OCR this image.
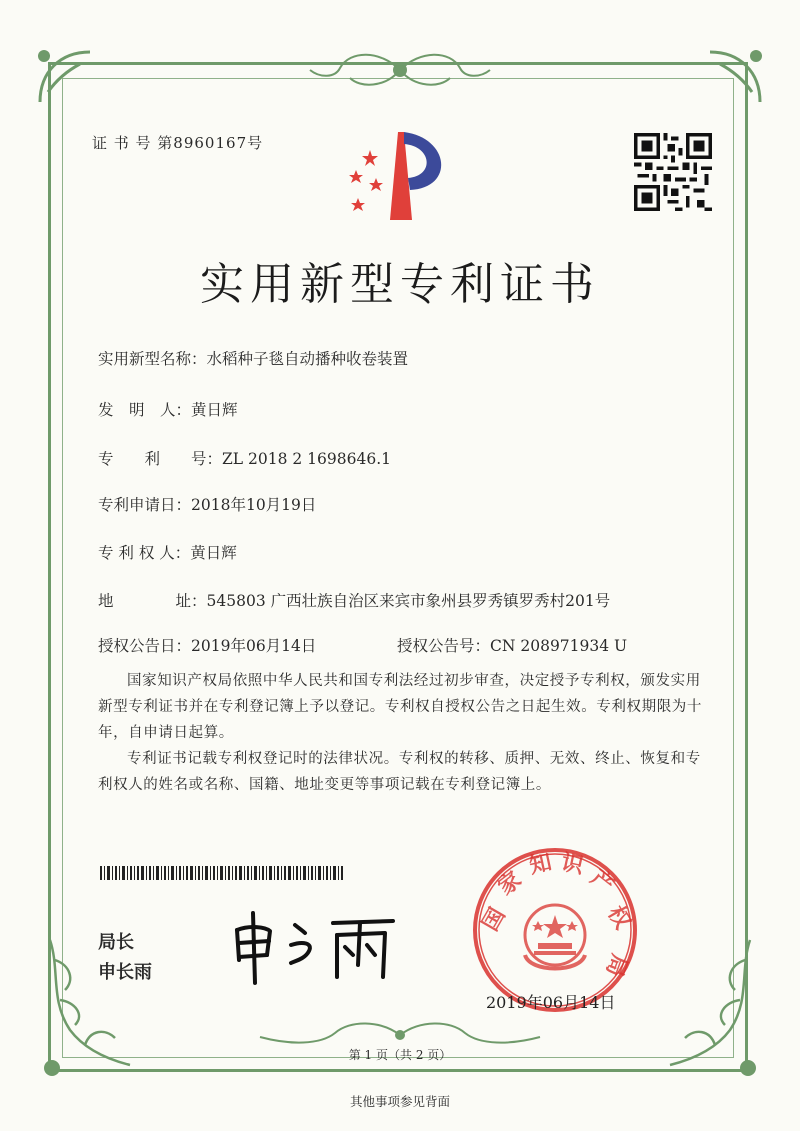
证 书 号 第8960167号
实用新型专利证书
实用新型名称：水稻种子毯自动播种收卷装置
发　明　人：黄日辉
专　　利　　号：ZL 2018 2 1698646.1
专利申请日：2018年10月19日
专 利 权 人：黄日辉
地　　　　址：545803 广西壮族自治区来宾市象州县罗秀镇罗秀村201号
授权公告日：2019年06月14日	授权公告号：CN 208971934 U
国家知识产权局依照中华人民共和国专利法经过初步审查，决定授予专利权，颁发实用新型专利证书并在专利登记簿上予以登记。专利权自授权公告之日起生效。专利权期限为十年，自申请日起算。
专利证书记载专利权登记时的法律状况。专利权的转移、质押、无效、终止、恢复和专利权人的姓名或名称、国籍、地址变更等事项记载在专利登记簿上。
局长
申长雨
国
家
知 识
产
权
局
2019年06月14日
第 1 页（共 2 页）
其他事项参见背面
